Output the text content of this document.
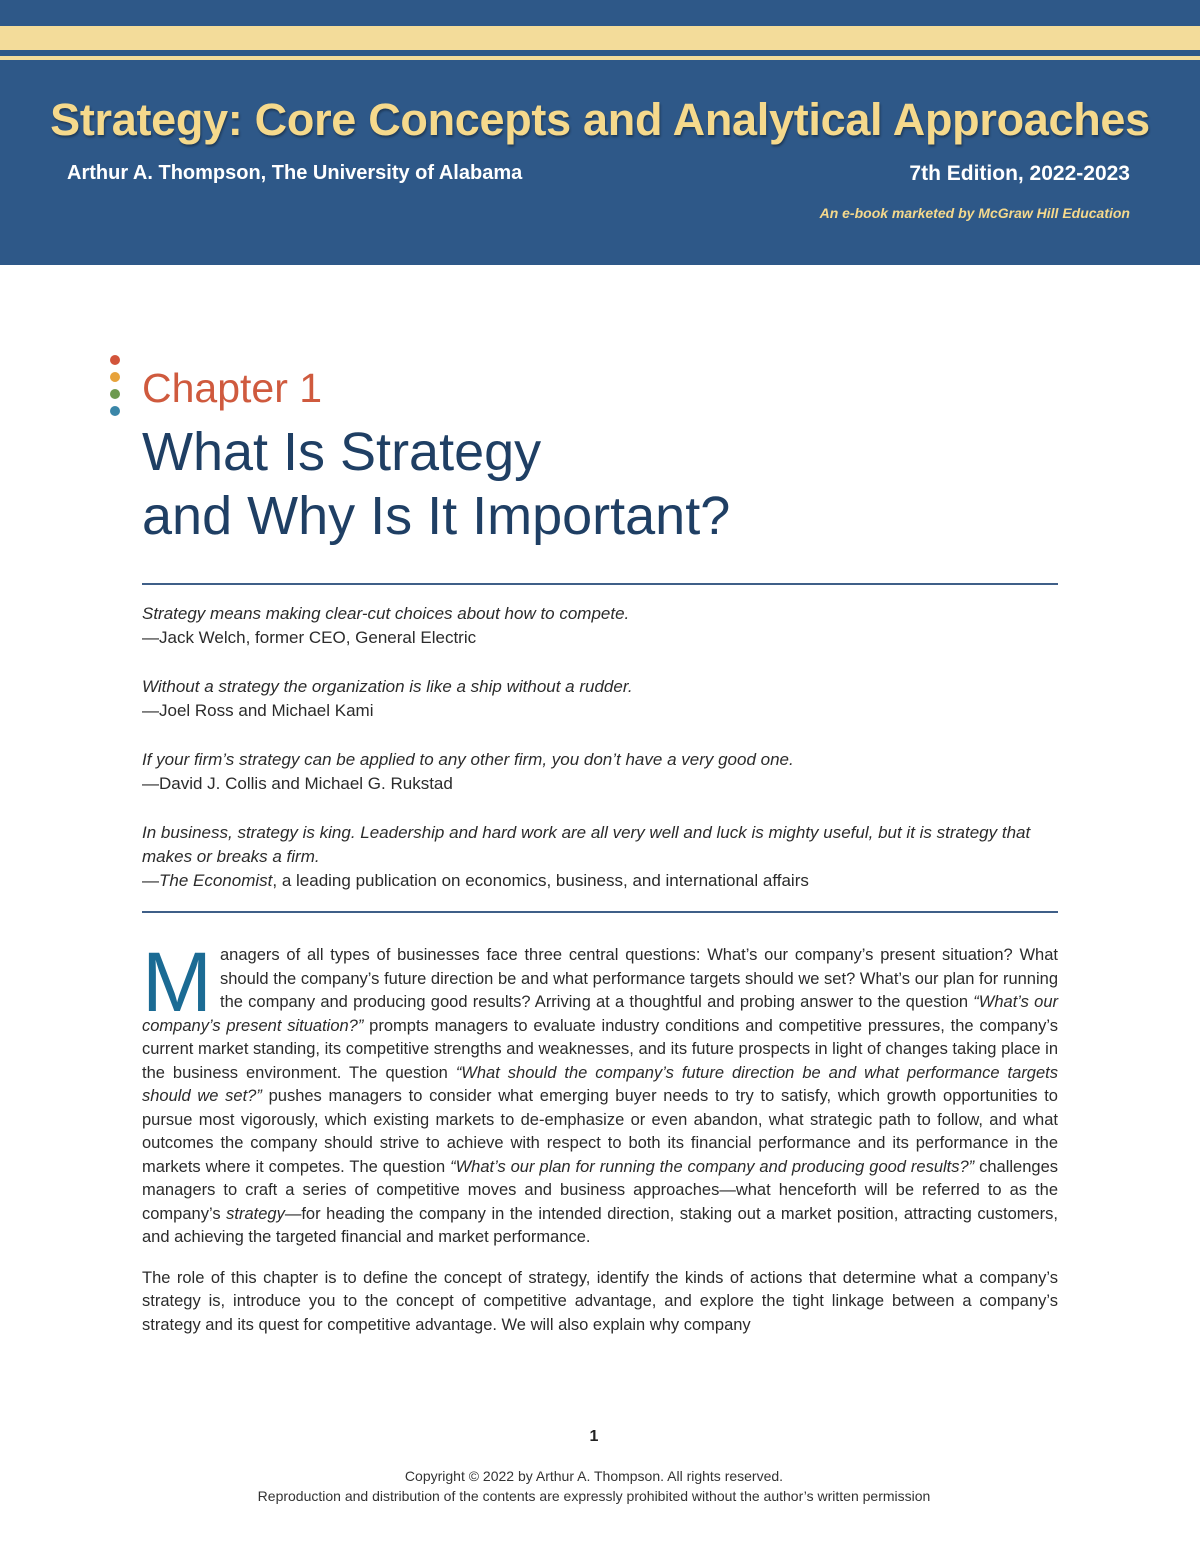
Strategy: Core Concepts and Analytical Approaches
Arthur A. Thompson, The University of Alabama	7th Edition, 2022-2023
An e-book marketed by McGraw Hill Education
Chapter 1
What Is Strategy
and Why Is It Important?
Strategy means making clear-cut choices about how to compete.
—Jack Welch, former CEO, General Electric
Without a strategy the organization is like a ship without a rudder.
—Joel Ross and Michael Kami
If your firm’s strategy can be applied to any other firm, you don’t have a very good one.
—David J. Collis and Michael G. Rukstad
In business, strategy is king. Leadership and hard work are all very well and luck is mighty useful, but it is strategy that makes or breaks a firm.
—The Economist, a leading publication on economics, business, and international affairs

Managers of all types of businesses face three central questions: What’s our company’s present situation? What should the company’s future direction be and what performance targets should we set? What’s our plan for running the company and producing good results? Arriving at a thoughtful and probing answer to the question “What’s our company’s present situation?” prompts managers to evaluate industry conditions and competitive pressures, the company’s current market standing, its competitive strengths and weaknesses, and its future prospects in light of changes taking place in the business environment. The question “What should the company’s future direction be and what performance targets should we set?” pushes managers to consider what emerging buyer needs to try to satisfy, which growth opportunities to pursue most vigorously, which existing markets to de-emphasize or even abandon, what strategic path to follow, and what outcomes the company should strive to achieve with respect to both its financial performance and its performance in the markets where it competes. The question “What’s our plan for running the company and producing good results?” challenges managers to craft a series of competitive moves and business approaches—what henceforth will be referred to as the company’s strategy—for heading the company in the intended direction, staking out a market position, attracting customers, and achieving the targeted financial and market performance.

The role of this chapter is to define the concept of strategy, identify the kinds of actions that determine what a company’s strategy is, introduce you to the concept of competitive advantage, and explore the tight linkage between a company’s strategy and its quest for competitive advantage. We will also explain why company

1
Copyright © 2022 by Arthur A. Thompson. All rights reserved.
Reproduction and distribution of the contents are expressly prohibited without the author’s written permission
